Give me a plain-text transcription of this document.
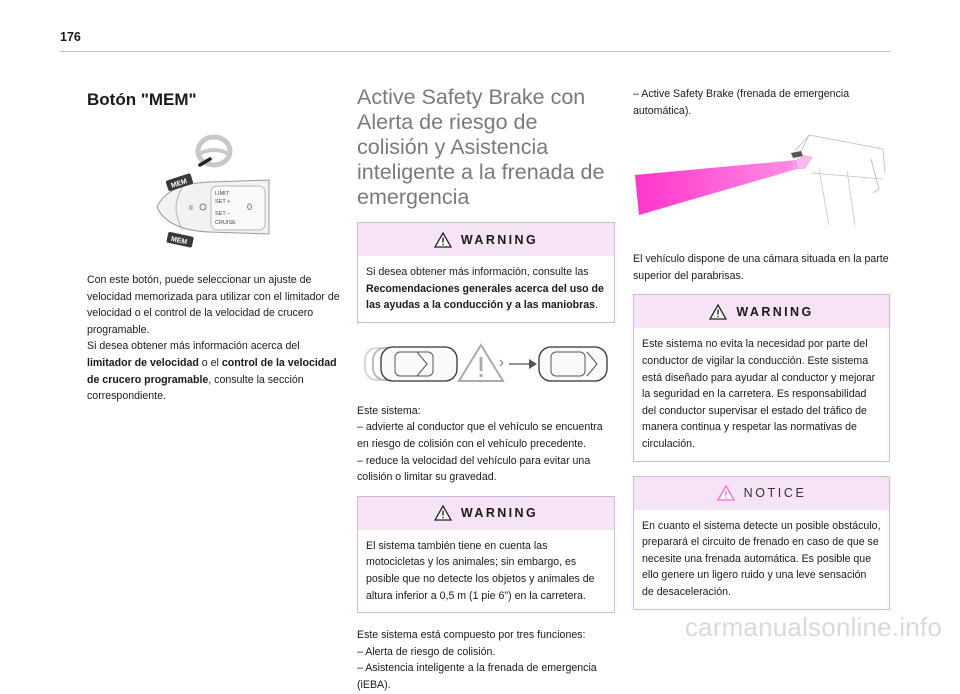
176
Botón "MEM"
LIMIT
SET +
SET –
CRUISE
0
II
MEM
MEM

Con este botón, puede seleccionar un ajuste de velocidad memorizada para utilizar con el limitador de velocidad o el control de la velocidad de crucero programable.

Si desea obtener más información acerca del limitador de velocidad o el control de la velocidad de crucero programable, consulte la sección correspondiente.

Active Safety Brake con Alerta de riesgo de colisión y Asistencia inteligente a la frenada de emergencia
WARNING

Si desea obtener más información, consulte las Recomendaciones generales acerca del uso de las ayudas a la conducción y a las maniobras.

Este sistema:

– advierte al conductor que el vehículo se encuentra en riesgo de colisión con el vehículo precedente.

– reduce la velocidad del vehículo para evitar una colisión o limitar su gravedad.

WARNING

El sistema también tiene en cuenta las motocicletas y los animales; sin embargo, es posible que no detecte los objetos y animales de altura inferior a 0,5 m (1 pie 6") en la carretera.

Este sistema está compuesto por tres funciones:

– Alerta de riesgo de colisión.

– Asistencia inteligente a la frenada de emergencia (iEBA).

– Active Safety Brake (frenada de emergencia automática).

El vehículo dispone de una cámara situada en la parte superior del parabrisas.

WARNING

Este sistema no evita la necesidad por parte del conductor de vigilar la conducción. Este sistema está diseñado para ayudar al conductor y mejorar la seguridad en la carretera. Es responsabilidad del conductor supervisar el estado del tráfico de manera continua y respetar las normativas de circulación.

NOTICE

En cuanto el sistema detecte un posible obstáculo, preparará el circuito de frenado en caso de que se necesite una frenada automática. Es posible que ello genere un ligero ruido y una leve sensación de desaceleración.

carmanualsonline.info
